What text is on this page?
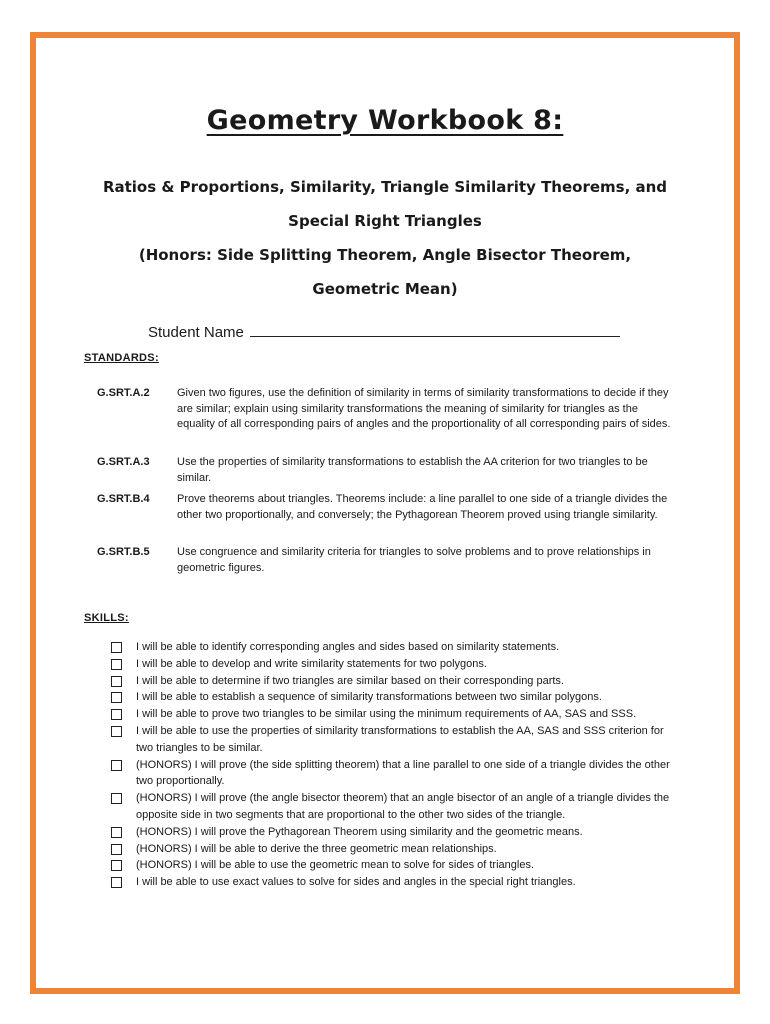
Geometry Workbook 8:
Ratios & Proportions, Similarity, Triangle Similarity Theorems, and
Special Right Triangles
(Honors: Side Splitting Theorem, Angle Bisector Theorem,
Geometric Mean)
Student Name
STANDARDS:
G.SRT.A.2 Given two figures, use the definition of similarity in terms of similarity transformations to decide if they are similar; explain using similarity transformations the meaning of similarity for triangles as the equality of all corresponding pairs of angles and the proportionality of all corresponding pairs of sides.
G.SRT.A.3 Use the properties of similarity transformations to establish the AA criterion for two triangles to be similar.
G.SRT.B.4 Prove theorems about triangles. Theorems include: a line parallel to one side of a triangle divides the other two proportionally, and conversely; the Pythagorean Theorem proved using triangle similarity.
G.SRT.B.5 Use congruence and similarity criteria for triangles to solve problems and to prove relationships in geometric figures.
SKILLS:
I will be able to identify corresponding angles and sides based on similarity statements.
I will be able to develop and write similarity statements for two polygons.
I will be able to determine if two triangles are similar based on their corresponding parts.
I will be able to establish a sequence of similarity transformations between two similar polygons.
I will be able to prove two triangles to be similar using the minimum requirements of AA, SAS and SSS.
I will be able to use the properties of similarity transformations to establish the AA, SAS and SSS criterion for two triangles to be similar.
(HONORS) I will prove (the side splitting theorem) that a line parallel to one side of a triangle divides the other two proportionally.
(HONORS) I will prove (the angle bisector theorem) that an angle bisector of an angle of a triangle divides the opposite side in two segments that are proportional to the other two sides of the triangle.
(HONORS) I will prove the Pythagorean Theorem using similarity and the geometric means.
(HONORS) I will be able to derive the three geometric mean relationships.
(HONORS) I will be able to use the geometric mean to solve for sides of triangles.
I will be able to use exact values to solve for sides and angles in the special right triangles.
